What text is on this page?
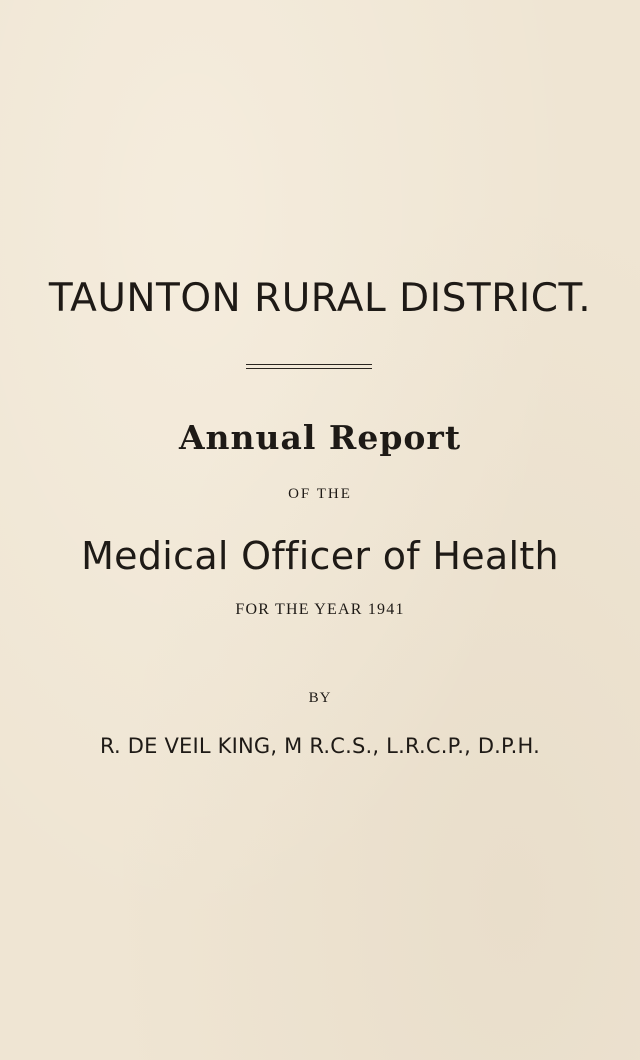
TAUNTON RURAL DISTRICT.
Annual Report
OF THE
Medical Officer of Health
FOR THE YEAR 1941
BY
R. DE VEIL KING, M R.C.S., L.R.C.P., D.P.H.
